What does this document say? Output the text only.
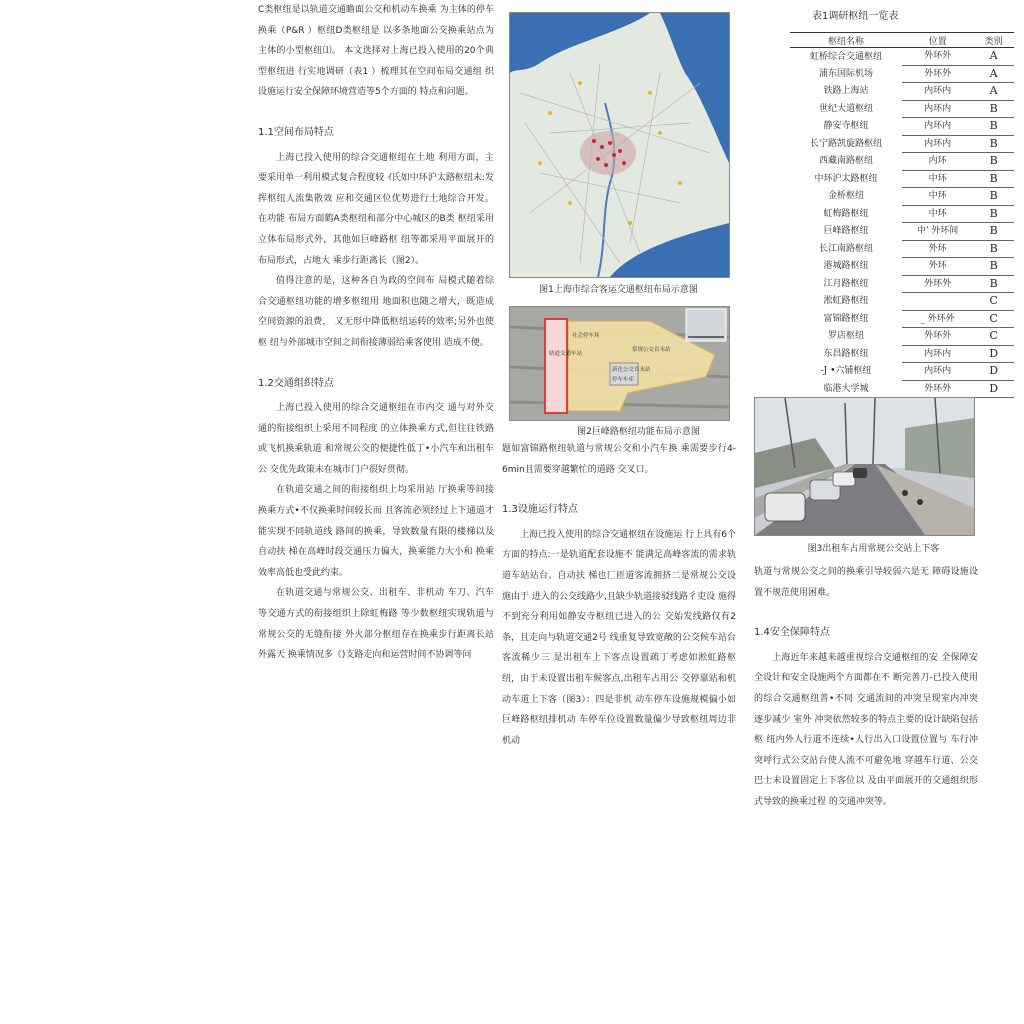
C类枢纽是以轨道交通瞻面公交和机动车换乘 为主体的停车换乘（P&R ）枢纽D类枢纽是 以多条地面公交换乘站点为主体的小型枢纽⑴。 本文选择对上海已投入使用的20个典型枢纽进 行实地调研（表1 ）梳理其在空间布局交通组 织设施运行安全保障环境营造等5个方面的 特点和问题。

1.1空间布局特点

上海已投入使用的综合交通枢纽在土地 利用方面，主要采用单一利用模式复合程度较 ｲ氏如中环沪太路枢纽末:发挥枢纽人流集散效 应和交通区位优势进行土地综合开发。在功能 布局方面鹤A类枢纽和部分中心城区的B类 枢纽采用立体布局形式外，其他如巨峰路枢 纽等都采用平面展开的布局形式，占地大 乘步行距离长（图2）。

值得注意的是，这种各自为政的空间布 局模式随着综合交通枢纽功能的增多枢纽用 地面积也随之增大，既造成空间资源的浪费， 又无形中降低枢纽运转的效率;另外也使枢 纽与外部城市空间之间衔接薄弱给乘客使用 造成不便。

1.2交通组织特点

上海已投入使用的综合交通枢纽在市内交 通与对外交通的衔接组织上采用不同程度 的立体换乘方式,但往往铁路或飞机换乘轨道 和常规公交的便捷性低丁•小汽车和出租车公 交优先政策未在城市门户很好贯彻。

在轨道交通之间的衔接组织上均采用站 厅换乘等间接换乘方式•不仅换乘时间较长而 且客流必须经过上下通道才能实现不同轨道线 路间的换乘，导致数量有限的楼梯以及自动扶 梯在高峰时段交通压力偏大，换乘能力大小和 换乘效率高低也受此约束。

在轨道交通与常规公交、出租车、非机动 车刀、汽车等交通方式的衔接组织上除虹梅路 等少数枢纽实现轨道与常规公交的无缝衔接 外火部分枢纽存在换乘步行距离长站外露天 换乘情况多《)支路走向和运营时间不协调等问

图1上海市综合客运交通枢纽布局示意图
轨道交通车站
常规公交首末站
社会停车场
新化公交首末站
停车车库
图2巨峰路枢纽功能布局示意图

题如富锦路枢纽轨道与常规公交和小汽车换 乘需要步行4-6min且需要穿越繁忙的道路 交叉口。

1.3设施运行特点

上海已投入使用的综合交通枢纽在设施运 行上具有6个方面的特点:一是轨道配套设施不 能满足高峰客流的需求轨道车站站台、自动扶 梯也匚匝道客流拥挤二是常规公交设施由于 进入的公交线路少,且缺少轨道接驳线路彳吏设 施得不到充分利用如静安寺枢纽已进入的公 交始发线路仅有2条，且走向与轨道交通2号 线重复导致宽敞的公交候车站台客流稀少三 是出租车上下客点设置疏丁考虑如淞虹路枢 纽，由于未设置出租车候客点,出租车占用公 交停靠站和机动车道上下客（图3）：四是非机 动车停车设施规模偏小如巨峰路枢纽排机动 车停车位设置数量偏少导致枢纽周边非机动

表1调研枢纽一览表
枢纽名称	位置	类别
虹桥综合交通枢纽	外环外	A
浦东国际机场	外环外	A
铁路上海站	内环内	A
世纪大道枢纽	内环内	B
静安寺枢纽	内环内	B
长宁路凯旋路枢纽	内环内	B
西藏南路枢纽	内环	B
中环沪太路枢纽	中环	B
金桥枢纽	中环	B
虹梅路枢纽	中环	B
巨峰路枢纽	中' 外环间	B
长江南路枢纽	外环	B
港城路枢纽	外环	B
江月路枢纽	外环外	B
淞虹路枢纽		C
富锦路枢纽	_ 外环外	C
罗店枢纽	外环外	C
东昌路枢纽	内环内	D
-J •六铺枢纽	内环内	D
临港大学城	外环外	D
图3出租车占用常规公交站上下客

轨道与常规公交之间的换乘引导较弱六是无 障碍设施设置不规范使用困难。

1.4安全保障特点

上海近年来越来越重视综合交通枢纽的安 全保障安全设计和安全设施两个方面都在不 断完善刀-已投入使用的综合交通枢纽普•不同 交通流间的冲突呈现室内冲突逐步减少 室外 冲突依然较多的特点主要的设计缺陷包括枢 纽内外人行道不连续•人行出入口设置位置与 车行冲突呼行式公交站台使人流不可避免地 穿越车行道、公交巴士未设置固定上下客位以 及由平面展开的交通组织形式导致的换乘过程 的交通冲突等。
